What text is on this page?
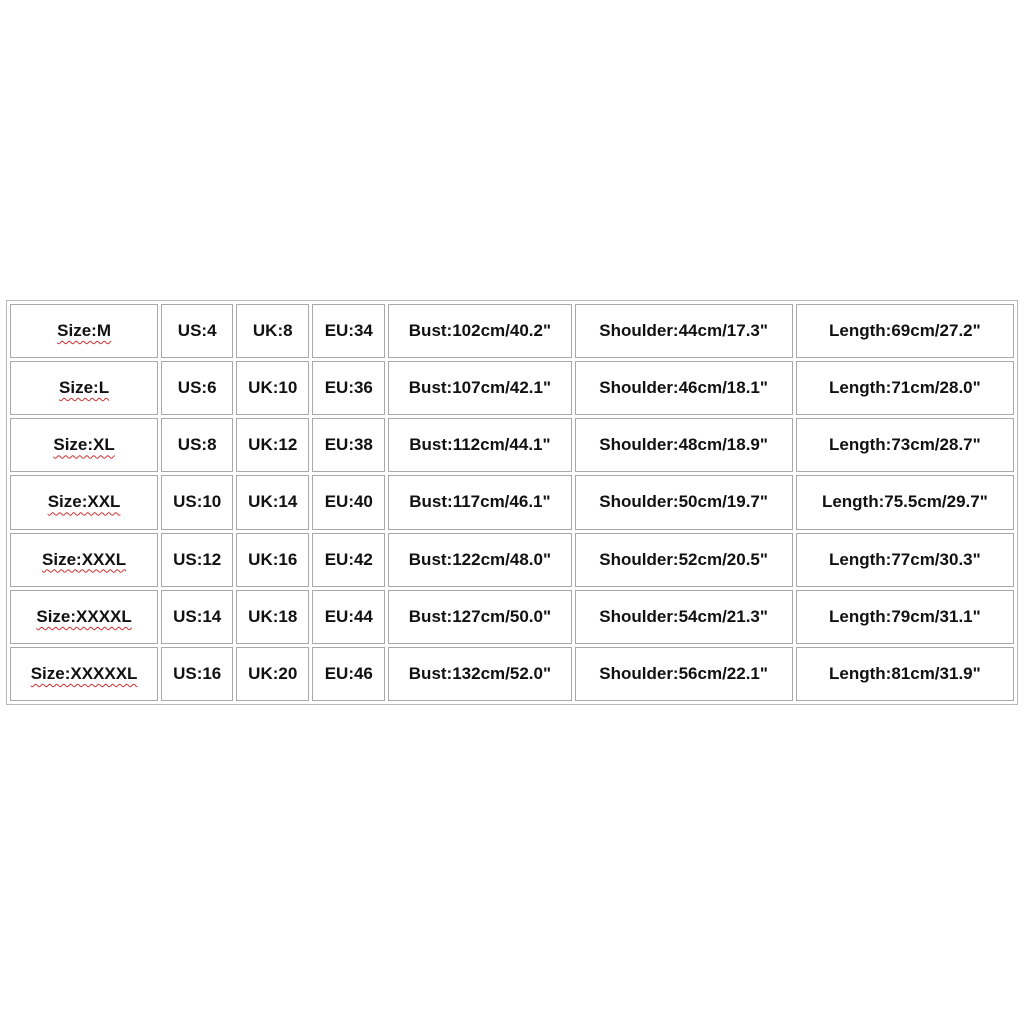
Size:M	US:4	UK:8	EU:34	Bust:102cm/40.2"	Shoulder:44cm/17.3"	Length:69cm/27.2"
Size:L	US:6	UK:10	EU:36	Bust:107cm/42.1"	Shoulder:46cm/18.1"	Length:71cm/28.0"
Size:XL	US:8	UK:12	EU:38	Bust:112cm/44.1"	Shoulder:48cm/18.9"	Length:73cm/28.7"
Size:XXL	US:10	UK:14	EU:40	Bust:117cm/46.1"	Shoulder:50cm/19.7"	Length:75.5cm/29.7"
Size:XXXL	US:12	UK:16	EU:42	Bust:122cm/48.0"	Shoulder:52cm/20.5"	Length:77cm/30.3"
Size:XXXXL	US:14	UK:18	EU:44	Bust:127cm/50.0"	Shoulder:54cm/21.3"	Length:79cm/31.1"
Size:XXXXXL	US:16	UK:20	EU:46	Bust:132cm/52.0"	Shoulder:56cm/22.1"	Length:81cm/31.9"
